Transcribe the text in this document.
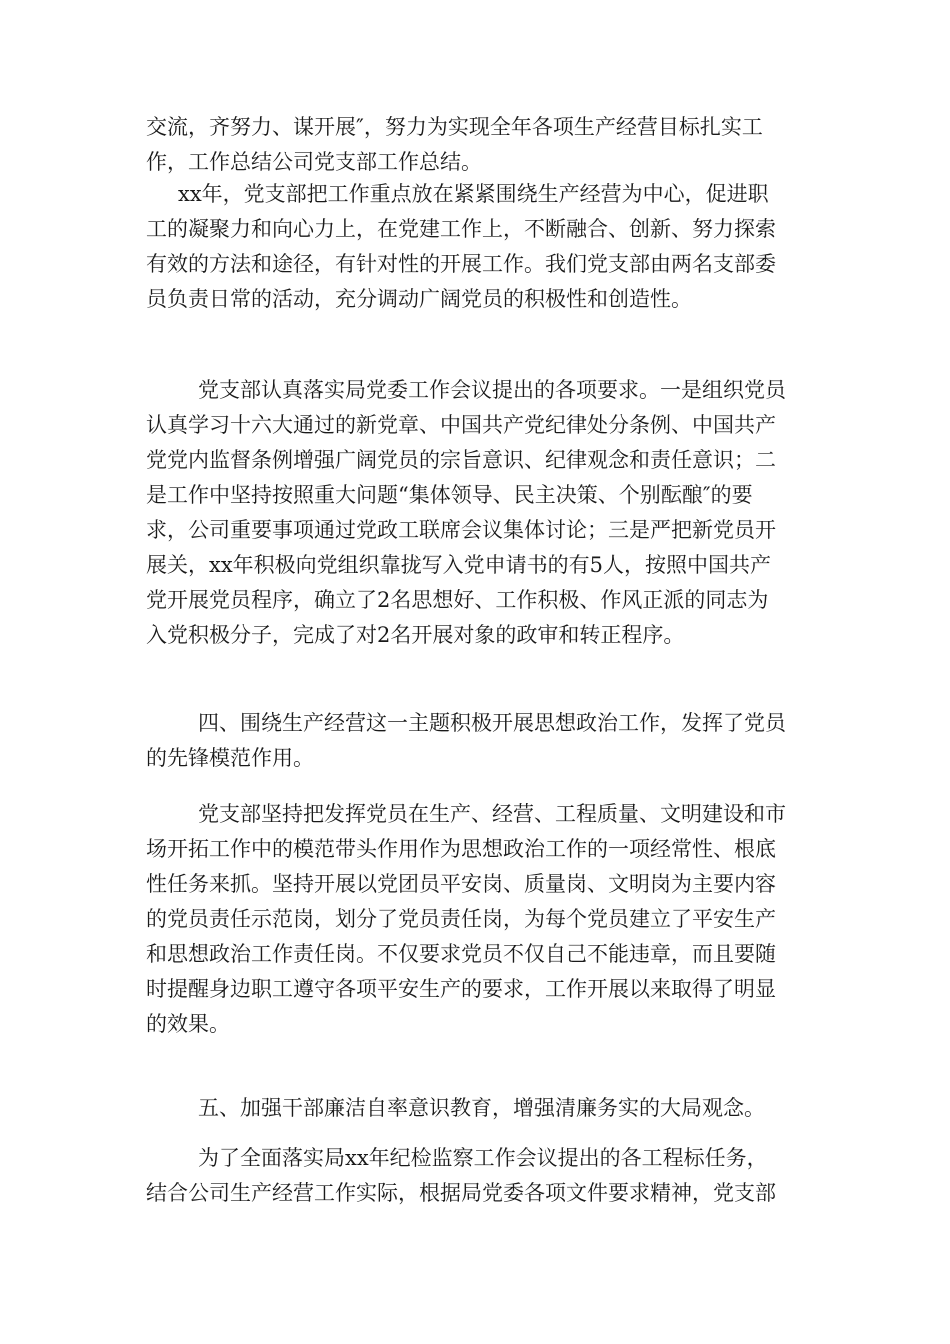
交流，齐努力、谋开展″，努力为实现全年各项生产经营目标扎实工
作，工作总结公司党支部工作总结。
xx年，党支部把工作重点放在紧紧围绕生产经营为中心，促进职
工的凝聚力和向心力上，在党建工作上，不断融合、创新、努力探索
有效的方法和途径，有针对性的开展工作。我们党支部由两名支部委
员负责日常的活动，充分调动广阔党员的积极性和创造性。
党支部认真落实局党委工作会议提出的各项要求。一是组织党员
认真学习十六大通过的新党章、中国共产党纪律处分条例、中国共产
党党内监督条例增强广阔党员的宗旨意识、纪律观念和责任意识；二
是工作中坚持按照重大问题“集体领导、民主决策、个别酝酿″的要
求，公司重要事项通过党政工联席会议集体讨论；三是严把新党员开
展关，xx年积极向党组织靠拢写入党申请书的有5人，按照中国共产
党开展党员程序，确立了2名思想好、工作积极、作风正派的同志为
入党积极分子，完成了对2名开展对象的政审和转正程序。
四、围绕生产经营这一主题积极开展思想政治工作，发挥了党员
的先锋模范作用。
党支部坚持把发挥党员在生产、经营、工程质量、文明建设和市
场开拓工作中的模范带头作用作为思想政治工作的一项经常性、根底
性任务来抓。坚持开展以党团员平安岗、质量岗、文明岗为主要内容
的党员责任示范岗，划分了党员责任岗，为每个党员建立了平安生产
和思想政治工作责任岗。不仅要求党员不仅自己不能违章，而且要随
时提醒身边职工遵守各项平安生产的要求，工作开展以来取得了明显
的效果。
五、加强干部廉洁自率意识教育，增强清廉务实的大局观念。
为了全面落实局xx年纪检监察工作会议提出的各工程标任务，
结合公司生产经营工作实际，根据局党委各项文件要求精神，党支部
